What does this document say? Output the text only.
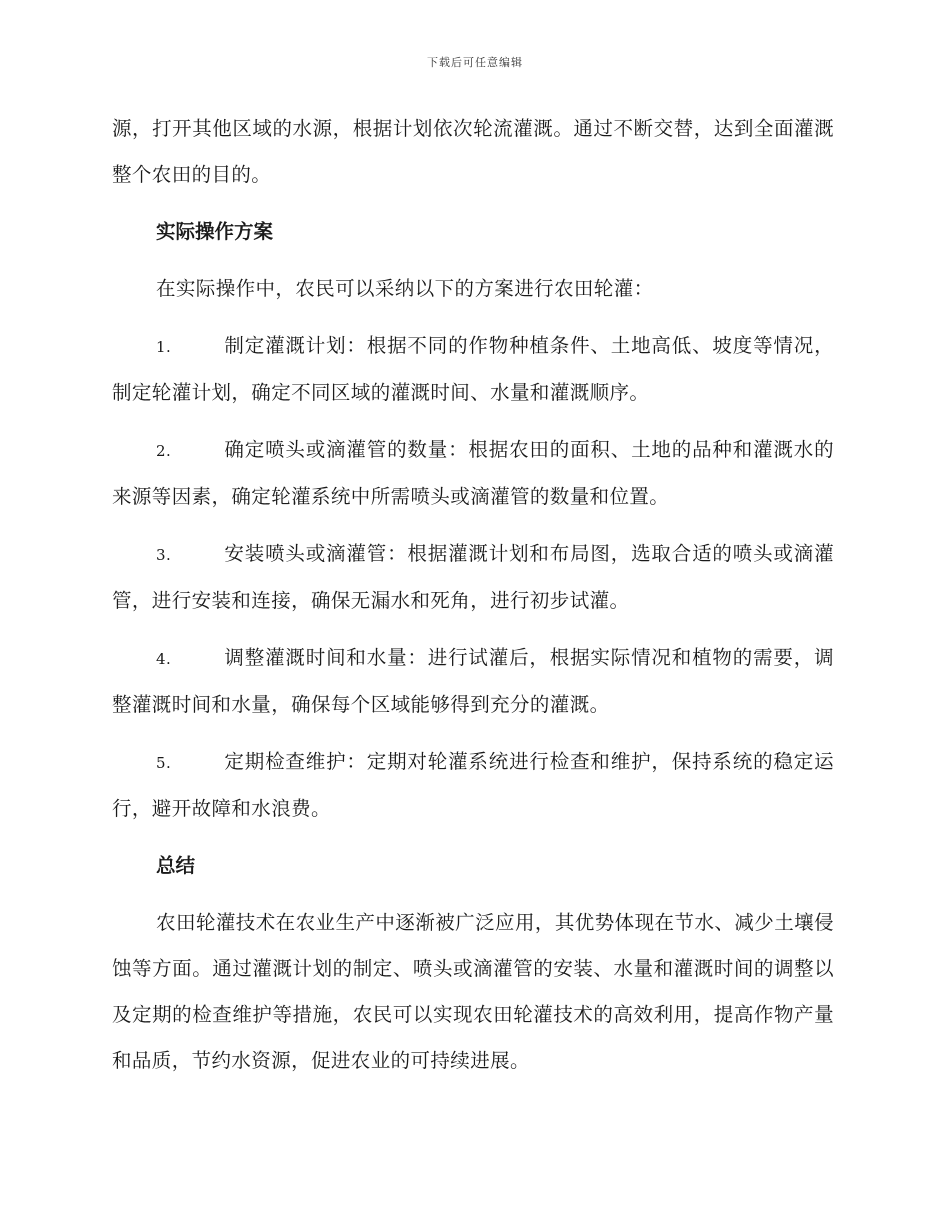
下载后可任意编辑

源，打开其他区域的水源，根据计划依次轮流灌溉。通过不断交替，达到全面灌溉整个农田的目的。

实际操作方案

在实际操作中，农民可以采纳以下的方案进行农田轮灌：

1.	制定灌溉计划：根据不同的作物种植条件、土地高低、坡度等情况，制定轮灌计划，确定不同区域的灌溉时间、水量和灌溉顺序。

2.	确定喷头或滴灌管的数量：根据农田的面积、土地的品种和灌溉水的来源等因素，确定轮灌系统中所需喷头或滴灌管的数量和位置。

3.	安装喷头或滴灌管：根据灌溉计划和布局图，选取合适的喷头或滴灌管，进行安装和连接，确保无漏水和死角，进行初步试灌。

4.	调整灌溉时间和水量：进行试灌后，根据实际情况和植物的需要，调整灌溉时间和水量，确保每个区域能够得到充分的灌溉。

5.	定期检查维护：定期对轮灌系统进行检查和维护，保持系统的稳定运行，避开故障和水浪费。

总结

农田轮灌技术在农业生产中逐渐被广泛应用，其优势体现在节水、减少土壤侵蚀等方面。通过灌溉计划的制定、喷头或滴灌管的安装、水量和灌溉时间的调整以及定期的检查维护等措施，农民可以实现农田轮灌技术的高效利用，提高作物产量和品质，节约水资源，促进农业的可持续进展。
